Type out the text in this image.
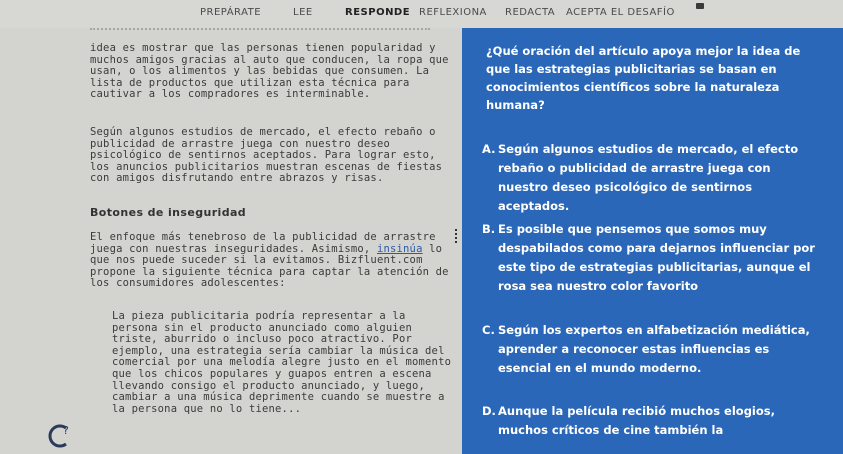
PREPÁRATE	LEE	RESPONDE REFLEXIONA REDACTA ACEPTA EL DESAFÍO

idea es mostrar que las personas tienen popularidad y muchos amigos gracias al auto que conducen, la ropa que usan, o los alimentos y las bebidas que consumen. La lista de productos que utilizan esta técnica para cautivar a los compradores es interminable.

Según algunos estudios de mercado, el efecto rebaño o publicidad de arrastre juega con nuestro deseo psicológico de sentirnos aceptados. Para lograr esto, los anuncios publicitarios muestran escenas de fiestas con amigos disfrutando entre abrazos y risas.

Botones de inseguridad

El enfoque más tenebroso de la publicidad de arrastre juega con nuestras inseguridades. Asimismo, insinúa lo que nos puede suceder si la evitamos. Bizfluent.com propone la siguiente técnica para captar la atención de los consumidores adolescentes:

La pieza publicitaria podría representar a la persona sin el producto anunciado como alguien triste, aburrido o incluso poco atractivo. Por ejemplo, una estrategia sería cambiar la música del comercial por una melodía alegre justo en el momento que los chicos populares y guapos entren a escena llevando consigo el producto anunciado, y luego, cambiar a una música deprimente cuando se muestre a la persona que no lo tiene...

?

¿Qué oración del artículo apoya mejor la idea de que las estrategias publicitarias se basan en conocimientos científicos sobre la naturaleza humana?

A. Según algunos estudios de mercado, el efecto rebaño o publicidad de arrastre juega con nuestro deseo psicológico de sentirnos aceptados.
B. Es posible que pensemos que somos muy despabilados como para dejarnos influenciar por este tipo de estrategias publicitarias, aunque el rosa sea nuestro color favorito
C. Según los expertos en alfabetización mediática, aprender a reconocer estas influencias es esencial en el mundo moderno.
D. Aunque la película recibió muchos elogios, muchos críticos de cine también la
